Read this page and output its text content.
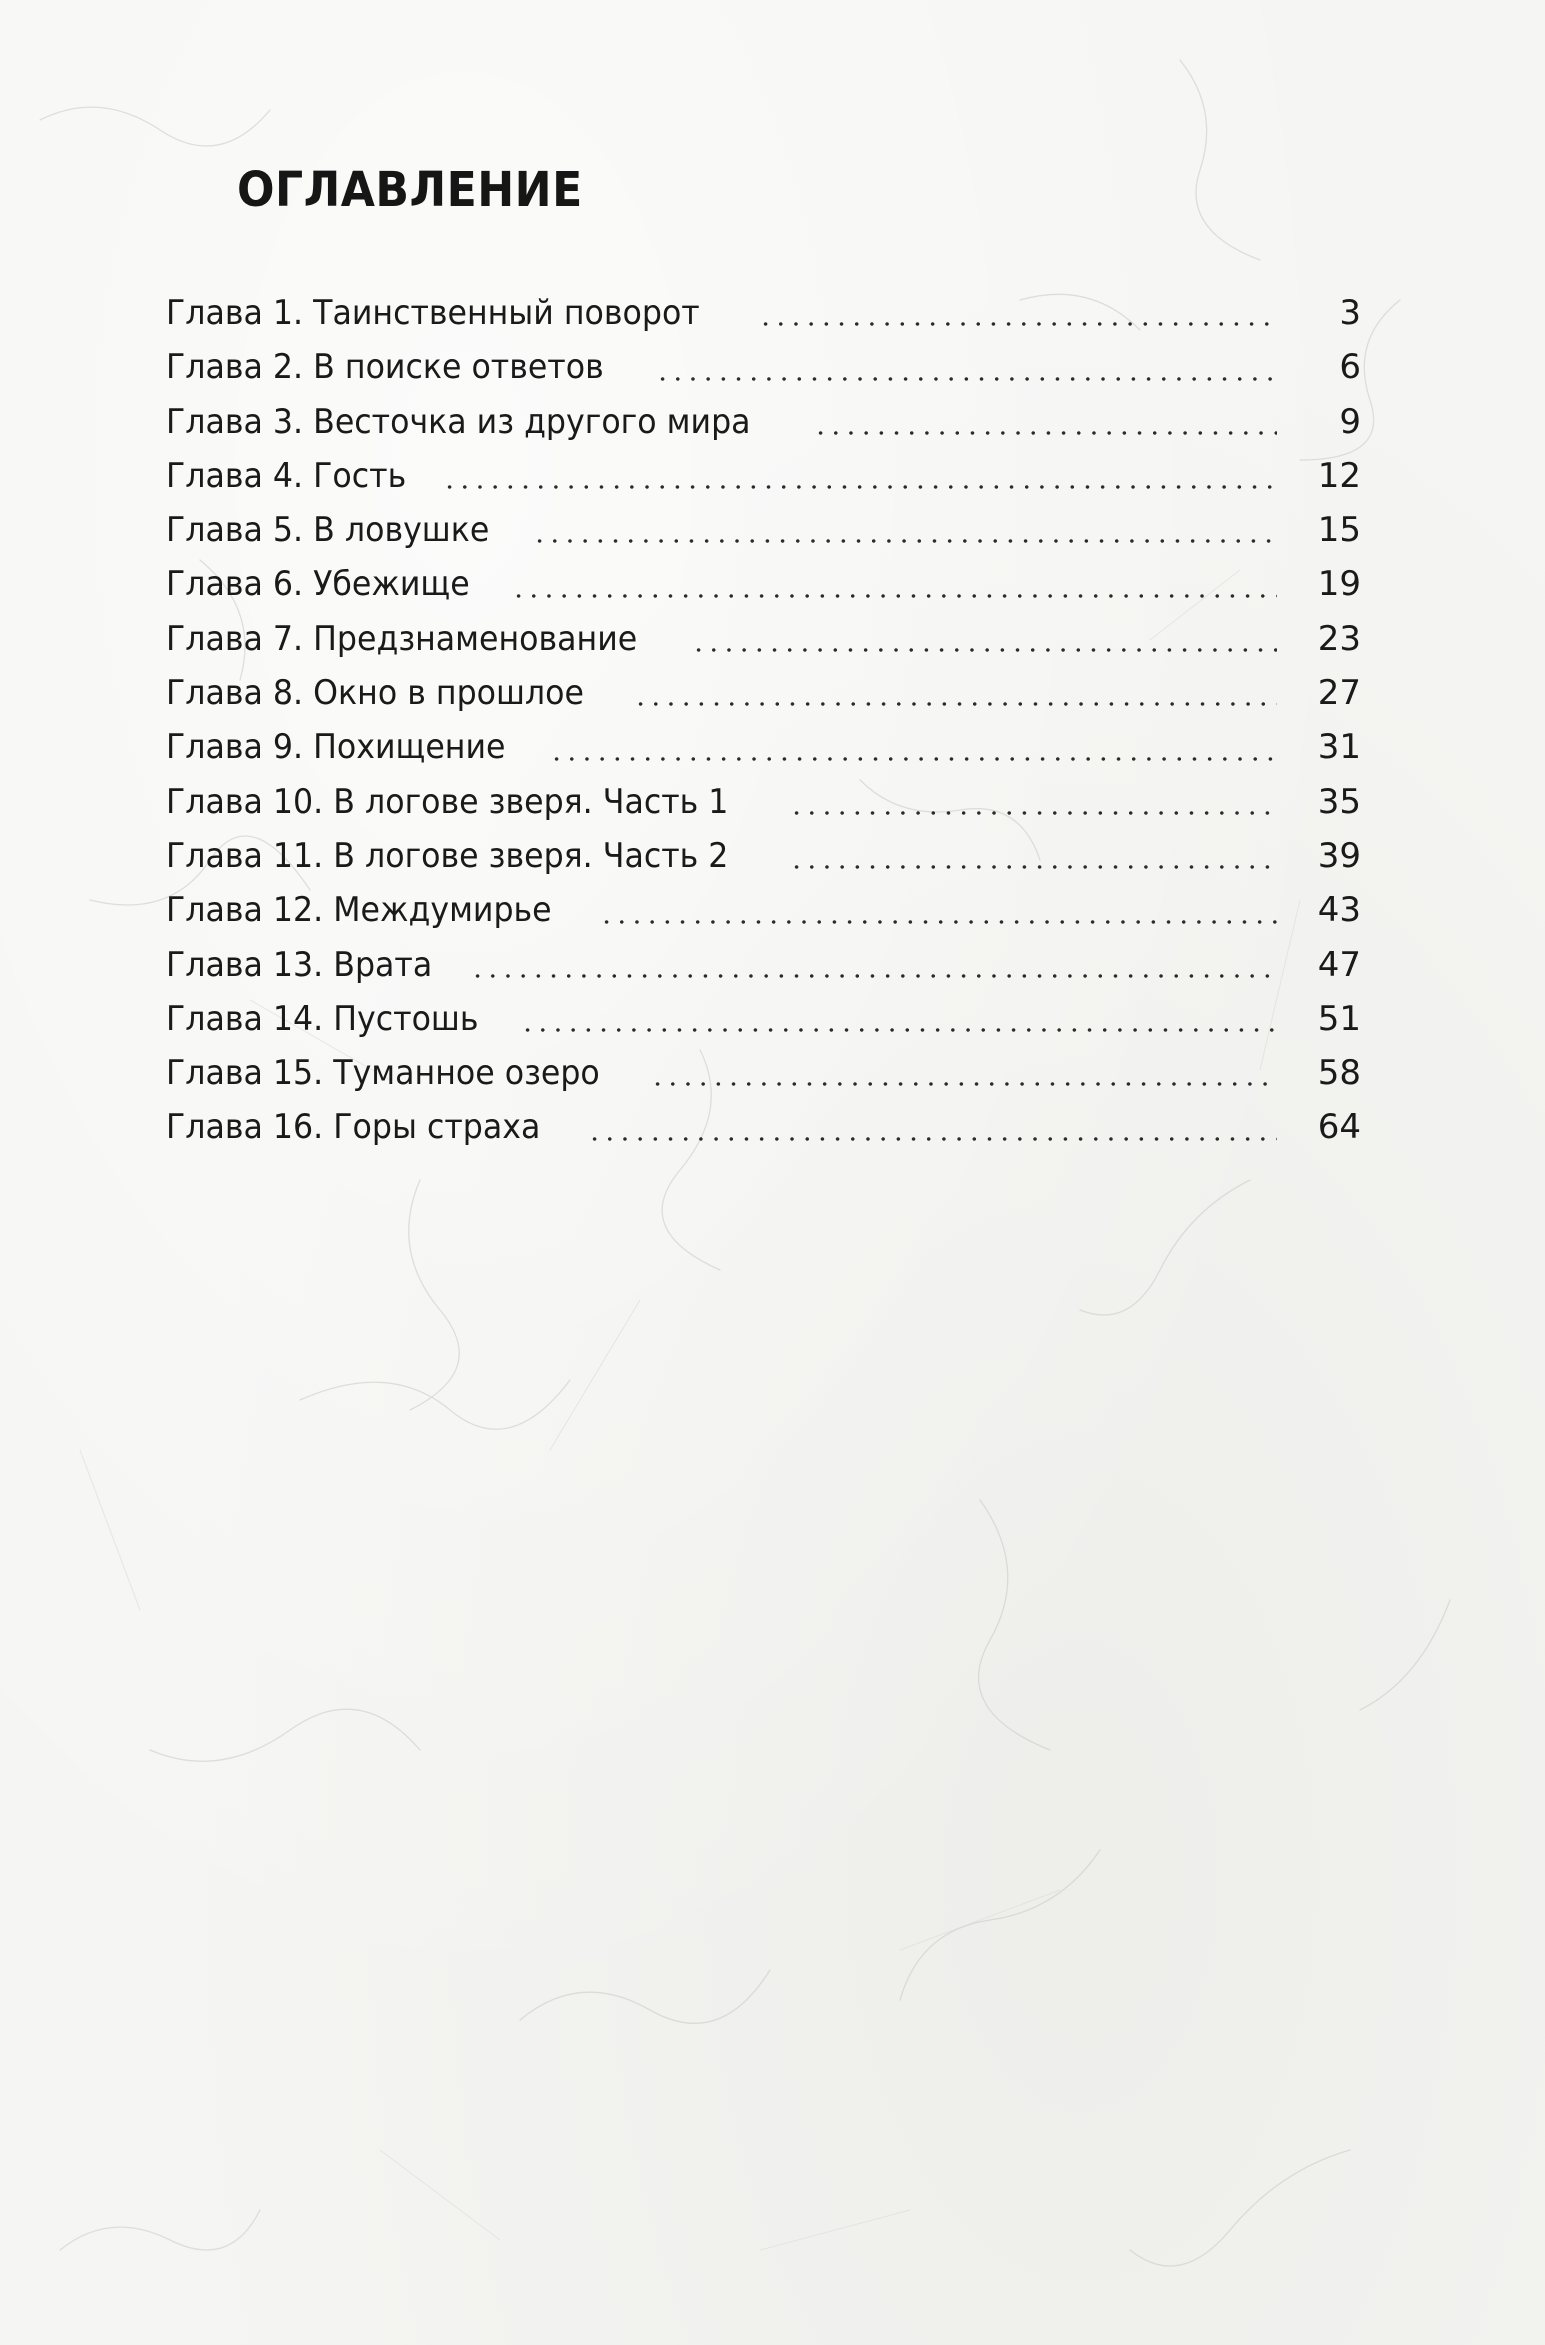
ОГЛАВЛЕНИЕ
Глава 1. Таинственный поворот	3
Глава 2. В поиске ответов	6
Глава 3. Весточка из другого мира	9
Глава 4. Гость	12
Глава 5. В ловушке	15
Глава 6. Убежище	19
Глава 7. Предзнаменование	23
Глава 8. Окно в прошлое	27
Глава 9. Похищение	31
Глава 10. В логове зверя. Часть 1	35
Глава 11. В логове зверя. Часть 2	39
Глава 12. Междумирье	43
Глава 13. Врата	47
Глава 14. Пустошь	51
Глава 15. Туманное озеро	58
Глава 16. Горы страха	64
